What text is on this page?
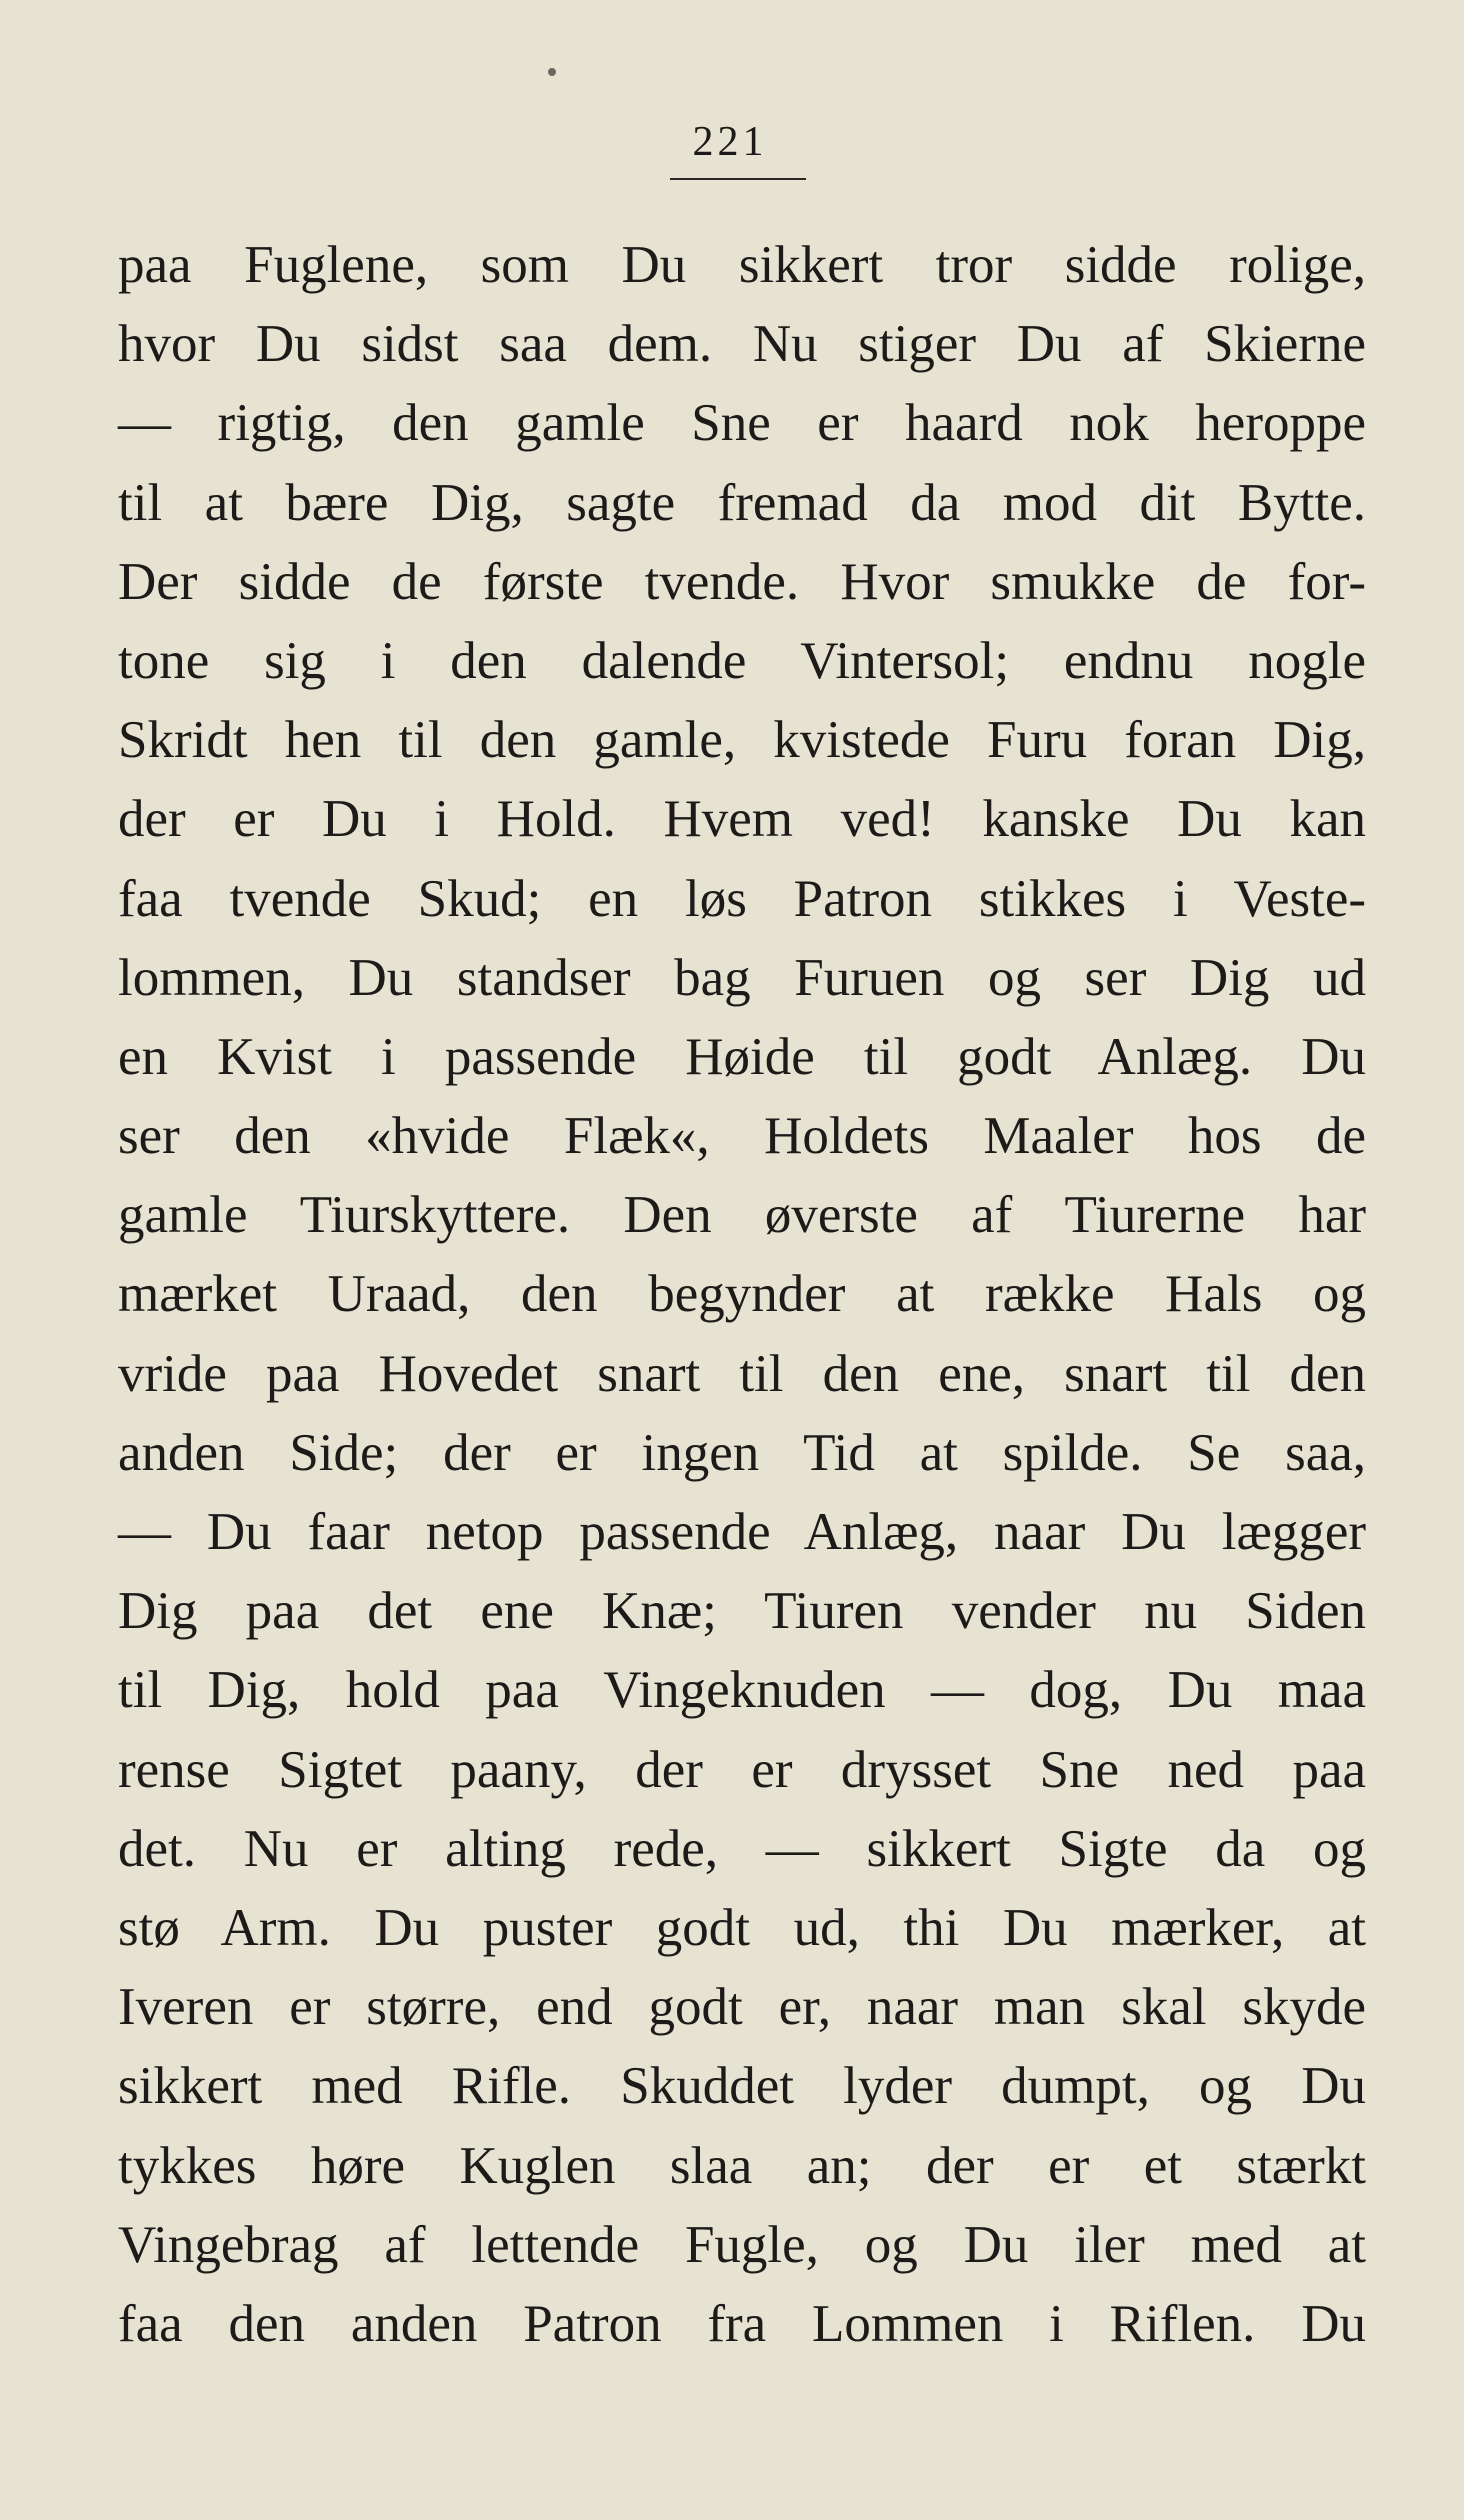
221
paa Fuglene, som Du sikkert tror sidde rolige,
hvor Du sidst saa dem. Nu stiger Du af Skierne
— rigtig, den gamle Sne er haard nok heroppe
til at bære Dig, sagte fremad da mod dit Bytte.
Der sidde de første tvende. Hvor smukke de for-
tone sig i den dalende Vintersol; endnu nogle
Skridt hen til den gamle, kvistede Furu foran Dig,
der er Du i Hold. Hvem ved! kanske Du kan
faa tvende Skud; en løs Patron stikkes i Veste-
lommen, Du standser bag Furuen og ser Dig ud
en Kvist i passende Høide til godt Anlæg. Du
ser den «hvide Flæk«, Holdets Maaler hos de
gamle Tiurskyttere. Den øverste af Tiurerne har
mærket Uraad, den begynder at række Hals og
vride paa Hovedet snart til den ene, snart til den
anden Side; der er ingen Tid at spilde. Se saa,
— Du faar netop passende Anlæg, naar Du lægger
Dig paa det ene Knæ; Tiuren vender nu Siden
til Dig, hold paa Vingeknuden — dog, Du maa
rense Sigtet paany, der er drysset Sne ned paa
det. Nu er alting rede, — sikkert Sigte da og
stø Arm. Du puster godt ud, thi Du mærker, at
Iveren er større, end godt er, naar man skal skyde
sikkert med Rifle. Skuddet lyder dumpt, og Du
tykkes høre Kuglen slaa an; der er et stærkt
Vingebrag af lettende Fugle, og Du iler med at
faa den anden Patron fra Lommen i Riflen. Du
